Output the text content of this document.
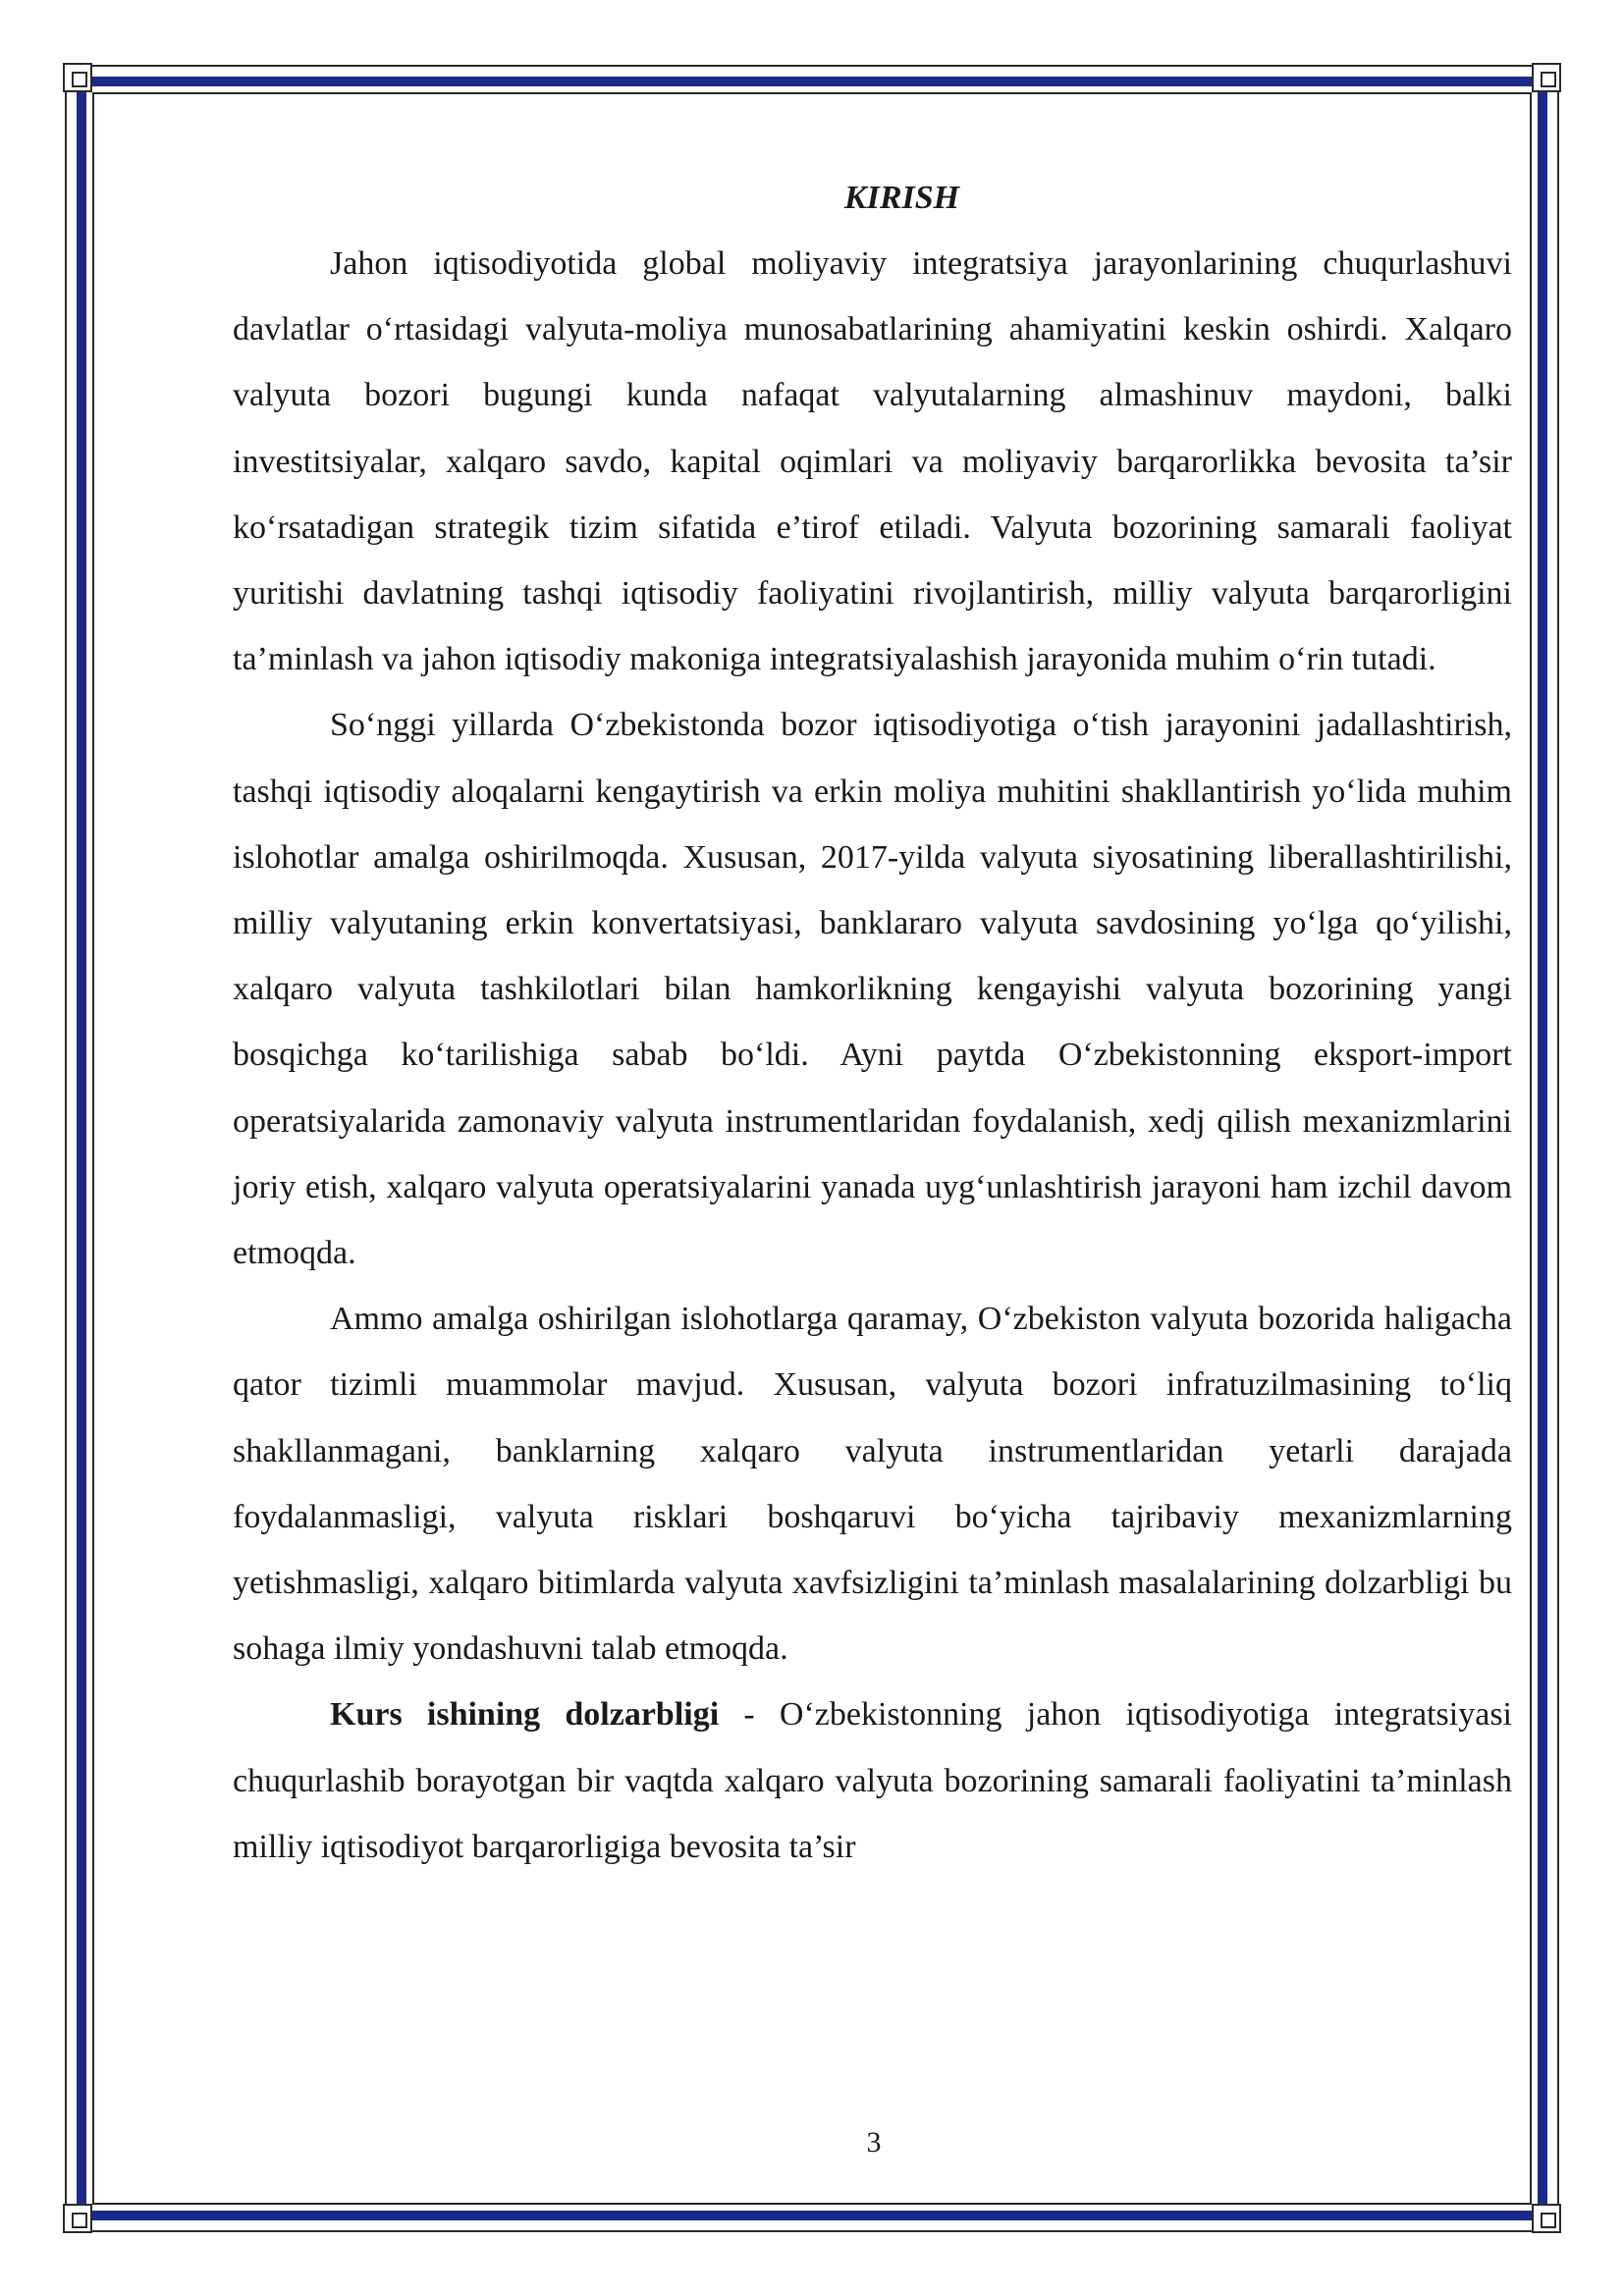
KIRISH

Jahon iqtisodiyotida global moliyaviy integratsiya jarayonlarining chuqurlashuvi davlatlar o‘rtasidagi valyuta-moliya munosabatlarining ahamiyatini keskin oshirdi. Xalqaro valyuta bozori bugungi kunda nafaqat valyutalarning almashinuv maydoni, balki investitsiyalar, xalqaro savdo, kapital oqimlari va moliyaviy barqarorlikka bevosita ta’sir ko‘rsatadigan strategik tizim sifatida e’tirof etiladi. Valyuta bozorining samarali faoliyat yuritishi davlatning tashqi iqtisodiy faoliyatini rivojlantirish, milliy valyuta barqarorligini ta’minlash va jahon iqtisodiy makoniga integratsiyalashish jarayonida muhim o‘rin tutadi.

So‘nggi yillarda O‘zbekistonda bozor iqtisodiyotiga o‘tish jarayonini jadallashtirish, tashqi iqtisodiy aloqalarni kengaytirish va erkin moliya muhitini shakllantirish yo‘lida muhim islohotlar amalga oshirilmoqda. Xususan, 2017-yilda valyuta siyosatining liberallashtirilishi, milliy valyutaning erkin konvertatsiyasi, banklararo valyuta savdosining yo‘lga qo‘yilishi, xalqaro valyuta tashkilotlari bilan hamkorlikning kengayishi valyuta bozorining yangi bosqichga ko‘tarilishiga sabab bo‘ldi. Ayni paytda O‘zbekistonning eksport-import operatsiyalarida zamonaviy valyuta instrumentlaridan foydalanish, xedj qilish mexanizmlarini joriy etish, xalqaro valyuta operatsiyalarini yanada uyg‘unlashtirish jarayoni ham izchil davom etmoqda.

Ammo amalga oshirilgan islohotlarga qaramay, O‘zbekiston valyuta bozorida haligacha qator tizimli muammolar mavjud. Xususan, valyuta bozori infratuzilmasining to‘liq shakllanmagani, banklarning xalqaro valyuta instrumentlaridan yetarli darajada foydalanmasligi, valyuta risklari boshqaruvi bo‘yicha tajribaviy mexanizmlarning yetishmasligi, xalqaro bitimlarda valyuta xavfsizligini ta’minlash masalalarining dolzarbligi bu sohaga ilmiy yondashuvni talab etmoqda.

Kurs ishining dolzarbligi - O‘zbekistonning jahon iqtisodiyotiga integratsiyasi chuqurlashib borayotgan bir vaqtda xalqaro valyuta bozorining samarali faoliyatini ta’minlash milliy iqtisodiyot barqarorligiga bevosita ta’sir

3
